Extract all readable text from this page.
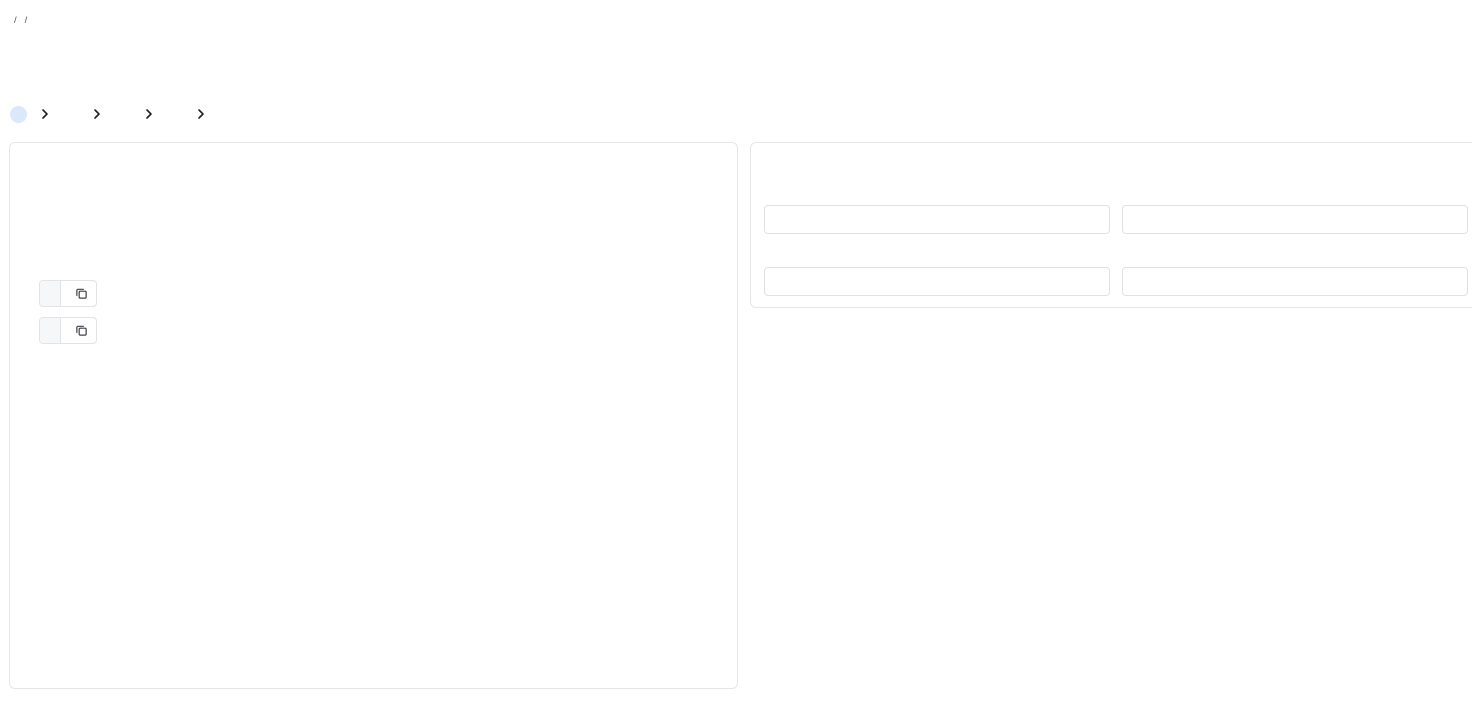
/ /
